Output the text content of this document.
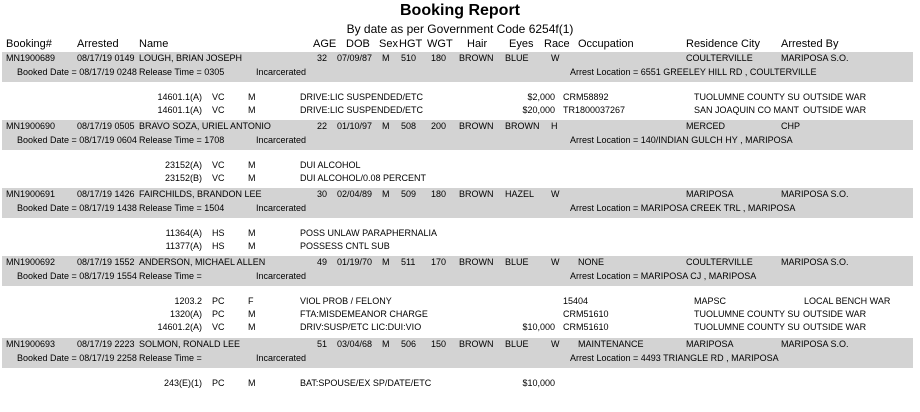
Booking Report
By date as per Government Code 6254f(1)
Booking# Arrested Name	AGE DOB Sex HGT WGT Hair Eyes Race Occupation	Residence City Arrested By
MN1900689 08/17/19 0149 LOUGH, BRIAN JOSEPH	32 07/09/87 M 510 180 BROWN BLUE W	COULTERVILLE	MARIPOSA S.O.
Booked Date = 08/17/19 0248 Release Time = 0305	Incarcerated	Arrest Location = 6551 GREELEY HILL RD , COULTERVILLE
14601.1(A) VC	M	DRIVE:LIC SUSPENDED/ETC	$2,000 CRM58892	TUOLUMNE COUNTY SU OUTSIDE WAR
14601.1(A) VC	M	DRIVE:LIC SUSPENDED/ETC	$20,000 TR1800037267	SAN JOAQUIN CO MANT OUTSIDE WAR
MN1900690 08/17/19 0505 BRAVO SOZA, URIEL ANTONIO	22 01/10/97 M 508 200 BROWN BROWN H	MERCED	CHP
Booked Date = 08/17/19 0604 Release Time = 1708	Incarcerated	Arrest Location = 140/INDIAN GULCH HY , MARIPOSA
23152(A) VC	M	DUI ALCOHOL
23152(B) VC	M	DUI ALCOHOL/0.08 PERCENT
MN1900691 08/17/19 1426 FAIRCHILDS, BRANDON LEE	30 02/04/89 M 509 180 BROWN HAZEL W	MARIPOSA	MARIPOSA S.O.
Booked Date = 08/17/19 1438 Release Time = 1504	Incarcerated	Arrest Location = MARIPOSA CREEK TRL , MARIPOSA
11364(A) HS	M	POSS UNLAW PARAPHERNALIA
11377(A) HS	M	POSSESS CNTL SUB
MN1900692 08/17/19 1552 ANDERSON, MICHAEL ALLEN	49 01/19/70 M 511 170 BROWN BLUE W NONE	COULTERVILLE	MARIPOSA S.O.
Booked Date = 08/17/19 1554 Release Time =	Incarcerated	Arrest Location = MARIPOSA CJ , MARIPOSA
1203.2 PC	F	VIOL PROB / FELONY	15404	MAPSC	LOCAL BENCH WAR
1320(A) PC	M	FTA:MISDEMEANOR CHARGE	CRM51610	TUOLUMNE COUNTY SU OUTSIDE WAR
14601.2(A) VC	M	DRIV:SUSP/ETC LIC:DUI:VIO	$10,000 CRM51610	TUOLUMNE COUNTY SU OUTSIDE WAR
MN1900693 08/17/19 2223 SOLMON, RONALD LEE	51 03/04/68 M 506 150 BROWN BLUE W MAINTENANCE	MARIPOSA	MARIPOSA S.O.
Booked Date = 08/17/19 2258 Release Time =	Incarcerated	Arrest Location = 4493 TRIANGLE RD , MARIPOSA
243(E)(1) PC	M	BAT:SPOUSE/EX SP/DATE/ETC	$10,000
